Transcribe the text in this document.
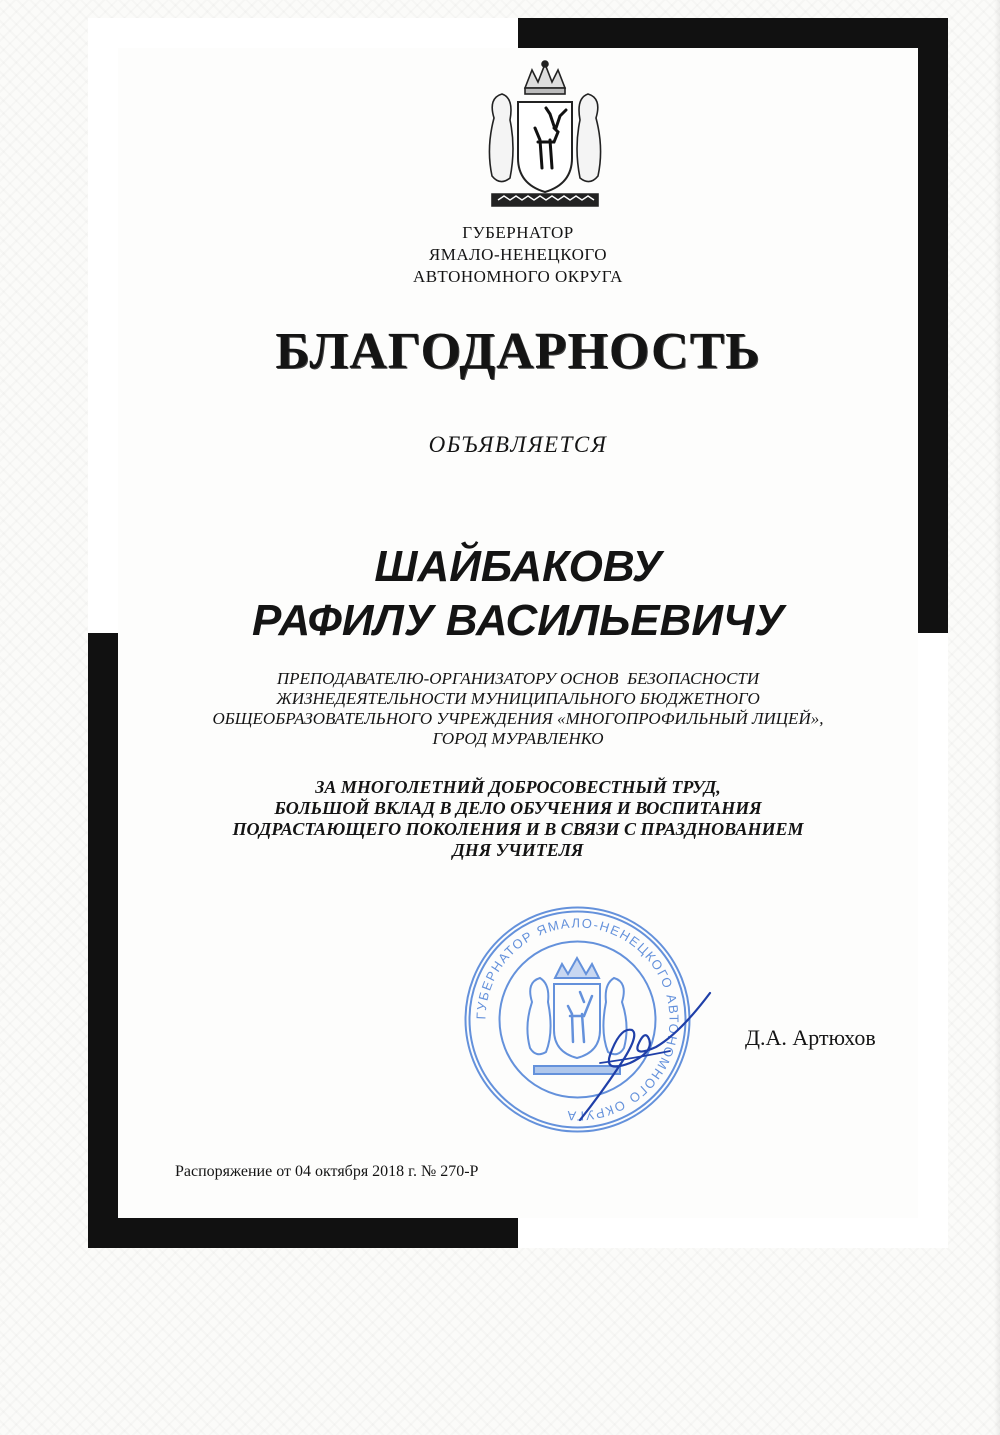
ГУБЕРНАТОР
ЯМАЛО-НЕНЕЦКОГО
АВТОНОМНОГО ОКРУГА
БЛАГОДАРНОСТЬ
ОБЪЯВЛЯЕТСЯ
ШАЙБАКОВУ
РАФИЛУ ВАСИЛЬЕВИЧУ
ПРЕПОДАВАТЕЛЮ-ОРГАНИЗАТОРУ ОСНОВ  БЕЗОПАСНОСТИ
ЖИЗНЕДЕЯТЕЛЬНОСТИ МУНИЦИПАЛЬНОГО БЮДЖЕТНОГО
ОБЩЕОБРАЗОВАТЕЛЬНОГО УЧРЕЖДЕНИЯ «МНОГОПРОФИЛЬНЫЙ ЛИЦЕЙ»,
ГОРОД МУРАВЛЕНКО
ЗА МНОГОЛЕТНИЙ ДОБРОСОВЕСТНЫЙ ТРУД,
БОЛЬШОЙ ВКЛАД В ДЕЛО ОБУЧЕНИЯ И ВОСПИТАНИЯ
ПОДРАСТАЮЩЕГО ПОКОЛЕНИЯ И В СВЯЗИ С ПРАЗДНОВАНИЕМ
ДНЯ УЧИТЕЛЯ
ГУБЕРНАТОР ЯМАЛО-НЕНЕЦКОГО АВТОНОМНОГО ОКРУГА
Д.А. Артюхов
Распоряжение от 04 октября 2018 г. № 270-Р
